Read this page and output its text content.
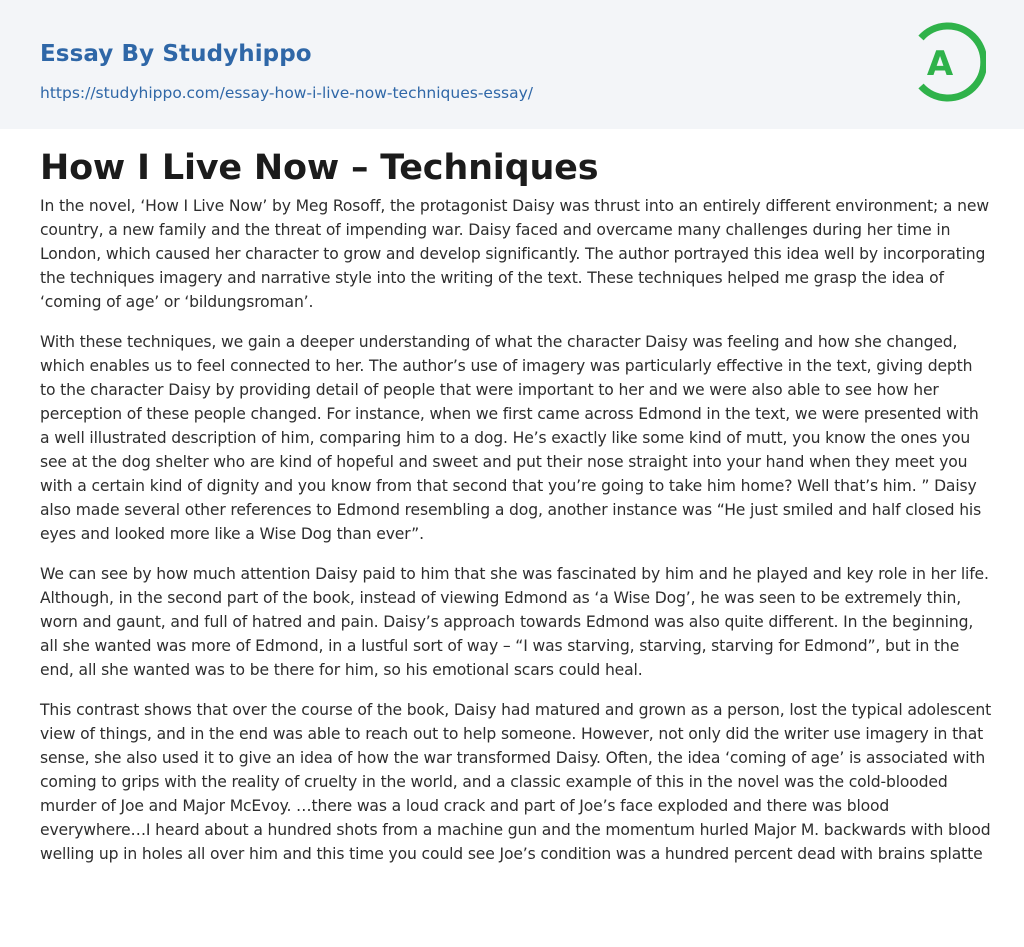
Essay By Studyhippo
https://studyhippo.com/essay-how-i-live-now-techniques-essay/
A
How I Live Now – Techniques

In the novel, ‘How I Live Now’ by Meg Rosoff, the protagonist Daisy was thrust into an entirely different environment; a new country, a new family and the threat of impending war. Daisy faced and overcame many challenges during her time in London, which caused her character to grow and develop significantly. The author portrayed this idea well by incorporating the techniques imagery and narrative style into the writing of the text. These techniques helped me grasp the idea of ‘coming of age’ or ‘bildungsroman’.

With these techniques, we gain a deeper understanding of what the character Daisy was feeling and how she changed, which enables us to feel connected to her. The author’s use of imagery was particularly effective in the text, giving depth to the character Daisy by providing detail of people that were important to her and we were also able to see how her perception of these people changed. For instance, when we first came across Edmond in the text, we were presented with a well illustrated description of him, comparing him to a dog. He’s exactly like some kind of mutt, you know the ones you see at the dog shelter who are kind of hopeful and sweet and put their nose straight into your hand when they meet you with a certain kind of dignity and you know from that second that you’re going to take him home? Well that’s him. ” Daisy also made several other references to Edmond resembling a dog, another instance was “He just smiled and half closed his eyes and looked more like a Wise Dog than ever”.

We can see by how much attention Daisy paid to him that she was fascinated by him and he played and key role in her life. Although, in the second part of the book, instead of viewing Edmond as ‘a Wise Dog’, he was seen to be extremely thin, worn and gaunt, and full of hatred and pain. Daisy’s approach towards Edmond was also quite different. In the beginning, all she wanted was more of Edmond, in a lustful sort of way – “I was starving, starving, starving for Edmond”, but in the end, all she wanted was to be there for him, so his emotional scars could heal.

This contrast shows that over the course of the book, Daisy had matured and grown as a person, lost the typical adolescent view of things, and in the end was able to reach out to help someone. However, not only did the writer use imagery in that sense, she also used it to give an idea of how the war transformed Daisy. Often, the idea ‘coming of age’ is associated with coming to grips with the reality of cruelty in the world, and a classic example of this in the novel was the cold-blooded murder of Joe and Major McEvoy. …there was a loud crack and part of Joe’s face exploded and there was blood everywhere…I heard about a hundred shots from a machine gun and the momentum hurled Major M. backwards with blood welling up in holes all over him and this time you could see Joe’s condition was a hundred percent dead with brains splatte
